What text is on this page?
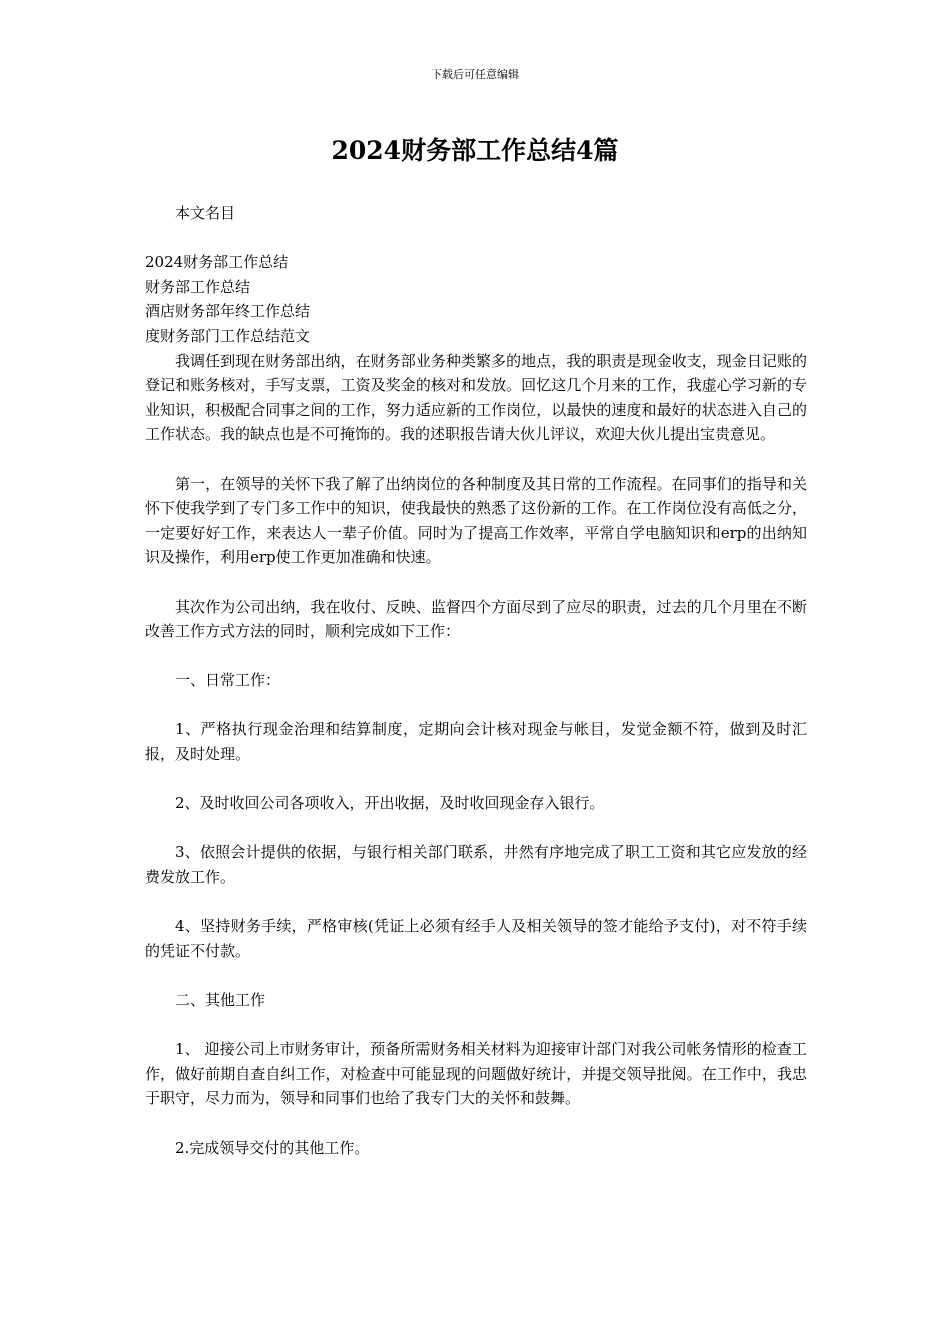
下载后可任意编辑
2024财务部工作总结4篇

本文名目

2024财务部工作总结

财务部工作总结

酒店财务部年终工作总结

度财务部门工作总结范文

我调任到现在财务部出纳，在财务部业务种类繁多的地点，我的职责是现金收支，现金日记账的登记和账务核对，手写支票，工资及奖金的核对和发放。回忆这几个月来的工作，我虚心学习新的专业知识，积极配合同事之间的工作，努力适应新的工作岗位，以最快的速度和最好的状态进入自己的工作状态。我的缺点也是不可掩饰的。我的述职报告请大伙儿评议，欢迎大伙儿提出宝贵意见。

第一，在领导的关怀下我了解了出纳岗位的各种制度及其日常的工作流程。在同事们的指导和关怀下使我学到了专门多工作中的知识，使我最快的熟悉了这份新的工作。在工作岗位没有高低之分，一定要好好工作，来表达人一辈子价值。同时为了提高工作效率，平常自学电脑知识和erp的出纳知识及操作，利用erp使工作更加准确和快速。

其次作为公司出纳，我在收付、反映、监督四个方面尽到了应尽的职责，过去的几个月里在不断改善工作方式方法的同时，顺利完成如下工作：

一、日常工作：

1、严格执行现金治理和结算制度，定期向会计核对现金与帐目，发觉金额不符，做到及时汇报，及时处理。

2、及时收回公司各项收入，开出收据，及时收回现金存入银行。

3、依照会计提供的依据，与银行相关部门联系，井然有序地完成了职工工资和其它应发放的经费发放工作。

4、坚持财务手续，严格审核(凭证上必须有经手人及相关领导的签才能给予支付)，对不符手续的凭证不付款。

二、其他工作

1、 迎接公司上市财务审计，预备所需财务相关材料为迎接审计部门对我公司帐务情形的检查工作，做好前期自查自纠工作，对检查中可能显现的问题做好统计，并提交领导批阅。在工作中，我忠于职守，尽力而为，领导和同事们也给了我专门大的关怀和鼓舞。

2.完成领导交付的其他工作。
